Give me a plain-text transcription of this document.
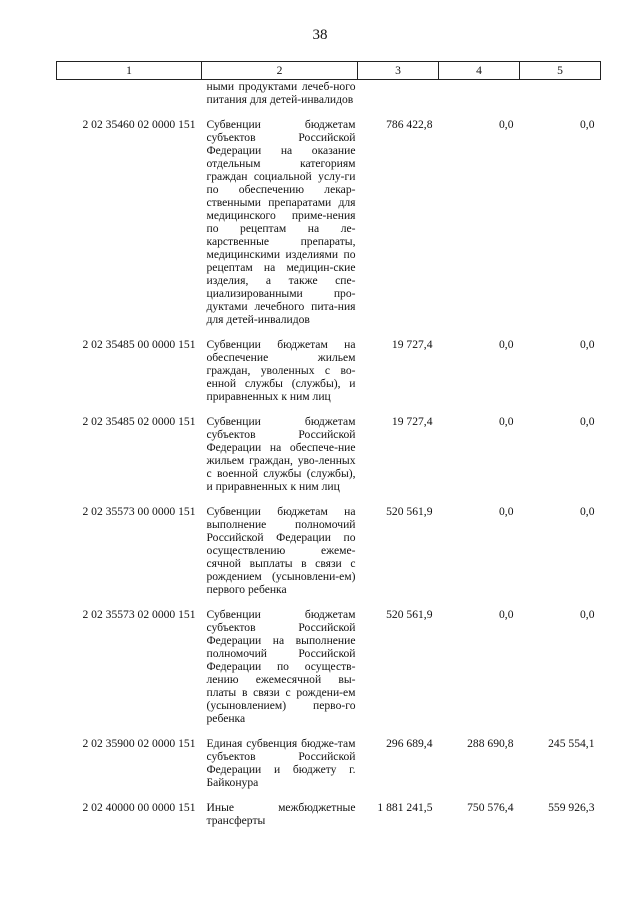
38
1	2	3	4	5
	ными продуктами лечеб-ного питания для детей-инвалидов			

2 02 35460 02 0000 151	Субвенции бюджетам субъектов Российской Федерации на оказание отдельным категориям граждан социальной услу-ги по обеспечению лекар-ственными препаратами для медицинского приме-нения по рецептам на ле-карственные препараты, медицинскими изделиями по рецептам на медицин-ские изделия, а также спе-циализированными про-дуктами лечебного пита-ния для детей-инвалидов	786 422,8	0,0	0,0

2 02 35485 00 0000 151	Субвенции бюджетам на обеспечение жильем граждан, уволенных с во-енной службы (службы), и приравненных к ним лиц	19 727,4	0,0	0,0

2 02 35485 02 0000 151	Субвенции бюджетам субъектов Российской Федерации на обеспече-ние жильем граждан, уво-ленных с военной службы (службы), и приравненных к ним лиц	19 727,4	0,0	0,0

2 02 35573 00 0000 151	Субвенции бюджетам на выполнение полномочий Российской Федерации по осуществлению ежеме-сячной выплаты в связи с рождением (усыновлени-ем) первого ребенка	520 561,9	0,0	0,0

2 02 35573 02 0000 151	Субвенции бюджетам субъектов Российской Федерации на выполнение полномочий Российской Федерации по осуществ-лению ежемесячной вы-платы в связи с рождени-ем (усыновлением) перво-го ребенка	520 561,9	0,0	0,0

2 02 35900 02 0000 151	Единая субвенция бюдже-там субъектов Российской Федерации и бюджету г. Байконура	296 689,4	288 690,8	245 554,1

2 02 40000 00 0000 151	Иные межбюджетные трансферты	1 881 241,5	750 576,4	559 926,3
